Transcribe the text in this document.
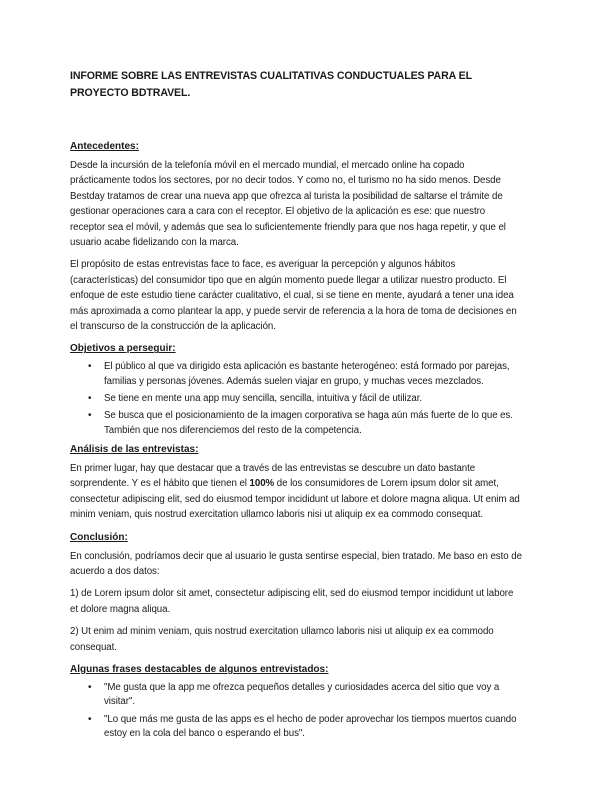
INFORME SOBRE LAS ENTREVISTAS CUALITATIVAS CONDUCTUALES PARA EL PROYECTO BDTRAVEL.
Antecedentes:

Desde la incursión de la telefonía móvil en el mercado mundial, el mercado online ha copado prácticamente todos los sectores, por no decir todos. Y como no, el turismo no ha sido menos. Desde Bestday tratamos de crear una nueva app que ofrezca al turista la posibilidad de saltarse el trámite de gestionar operaciones cara a cara con el receptor. El objetivo de la aplicación es ese: que nuestro receptor sea el móvil, y además que sea lo suficientemente friendly para que nos haga repetir, y que el usuario acabe fidelizando con la marca.

El propósito de estas entrevistas face to face, es averiguar la percepción y algunos hábitos (características) del consumidor tipo que en algún momento puede llegar a utilizar nuestro producto. El enfoque de este estudio tiene carácter cualitativo, el cual, si se tiene en mente, ayudará a tener una idea más aproximada a como plantear la app, y puede servir de referencia a la hora de toma de decisiones en el transcurso de la construcción de la aplicación.

Objetivos a perseguir:
• El público al que va dirigido esta aplicación es bastante heterogéneo: está formado por parejas, familias y personas jóvenes. Además suelen viajar en grupo, y muchas veces mezclados.
• Se tiene en mente una app muy sencilla, sencilla, intuitiva y fácil de utilizar.
• Se busca que el posicionamiento de la imagen corporativa se haga aún más fuerte de lo que es. También que nos diferenciemos del resto de la competencia.
Análisis de las entrevistas:

En primer lugar, hay que destacar que a través de las entrevistas se descubre un dato bastante sorprendente. Y es el hábito que tienen el 100% de los consumidores de Lorem ipsum dolor sit amet, consectetur adipiscing elit, sed do eiusmod tempor incididunt ut labore et dolore magna aliqua. Ut enim ad minim veniam, quis nostrud exercitation ullamco laboris nisi ut aliquip ex ea commodo consequat.

Conclusión:

En conclusión, podríamos decir que al usuario le gusta sentirse especial, bien tratado. Me baso en esto de acuerdo a dos datos:

1) de Lorem ipsum dolor sit amet, consectetur adipiscing elit, sed do eiusmod tempor incididunt ut labore et dolore magna aliqua.

2) Ut enim ad minim veniam, quis nostrud exercitation ullamco laboris nisi ut aliquip ex ea commodo consequat.

Algunas frases destacables de algunos entrevistados:
• "Me gusta que la app me ofrezca pequeños detalles y curiosidades acerca del sitio que voy a visitar".
• "Lo que más me gusta de las apps es el hecho de poder aprovechar los tiempos muertos cuando estoy en la cola del banco o esperando el bus".
